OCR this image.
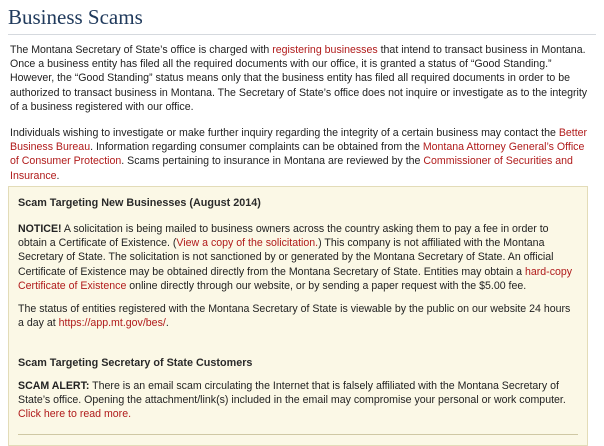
Business Scams

The Montana Secretary of State’s office is charged with registering businesses that intend to transact business in Montana. Once a business entity has filed all the required documents with our office, it is granted a status of “Good Standing.” However, the “Good Standing” status means only that the business entity has filed all required documents in order to be authorized to transact business in Montana. The Secretary of State’s office does not inquire or investigate as to the integrity of a business registered with our office.

Individuals wishing to investigate or make further inquiry regarding the integrity of a certain business may contact the Better Business Bureau. Information regarding consumer complaints can be obtained from the Montana Attorney General’s Office of Consumer Protection. Scams pertaining to insurance in Montana are reviewed by the Commissioner of Securities and Insurance.

Scam Targeting New Businesses (August 2014)

NOTICE! A solicitation is being mailed to business owners across the country asking them to pay a fee in order to obtain a Certificate of Existence. (View a copy of the solicitation.) This company is not affiliated with the Montana Secretary of State. The solicitation is not sanctioned by or generated by the Montana Secretary of State. An official Certificate of Existence may be obtained directly from the Montana Secretary of State. Entities may obtain a hard-copy Certificate of Existence online directly through our website, or by sending a paper request with the $5.00 fee.

The status of entities registered with the Montana Secretary of State is viewable by the public on our website 24 hours a day at https://app.mt.gov/bes/.

Scam Targeting Secretary of State Customers

SCAM ALERT: There is an email scam circulating the Internet that is falsely affiliated with the Montana Secretary of State’s office. Opening the attachment/link(s) included in the email may compromise your personal or work computer. Click here to read more.
